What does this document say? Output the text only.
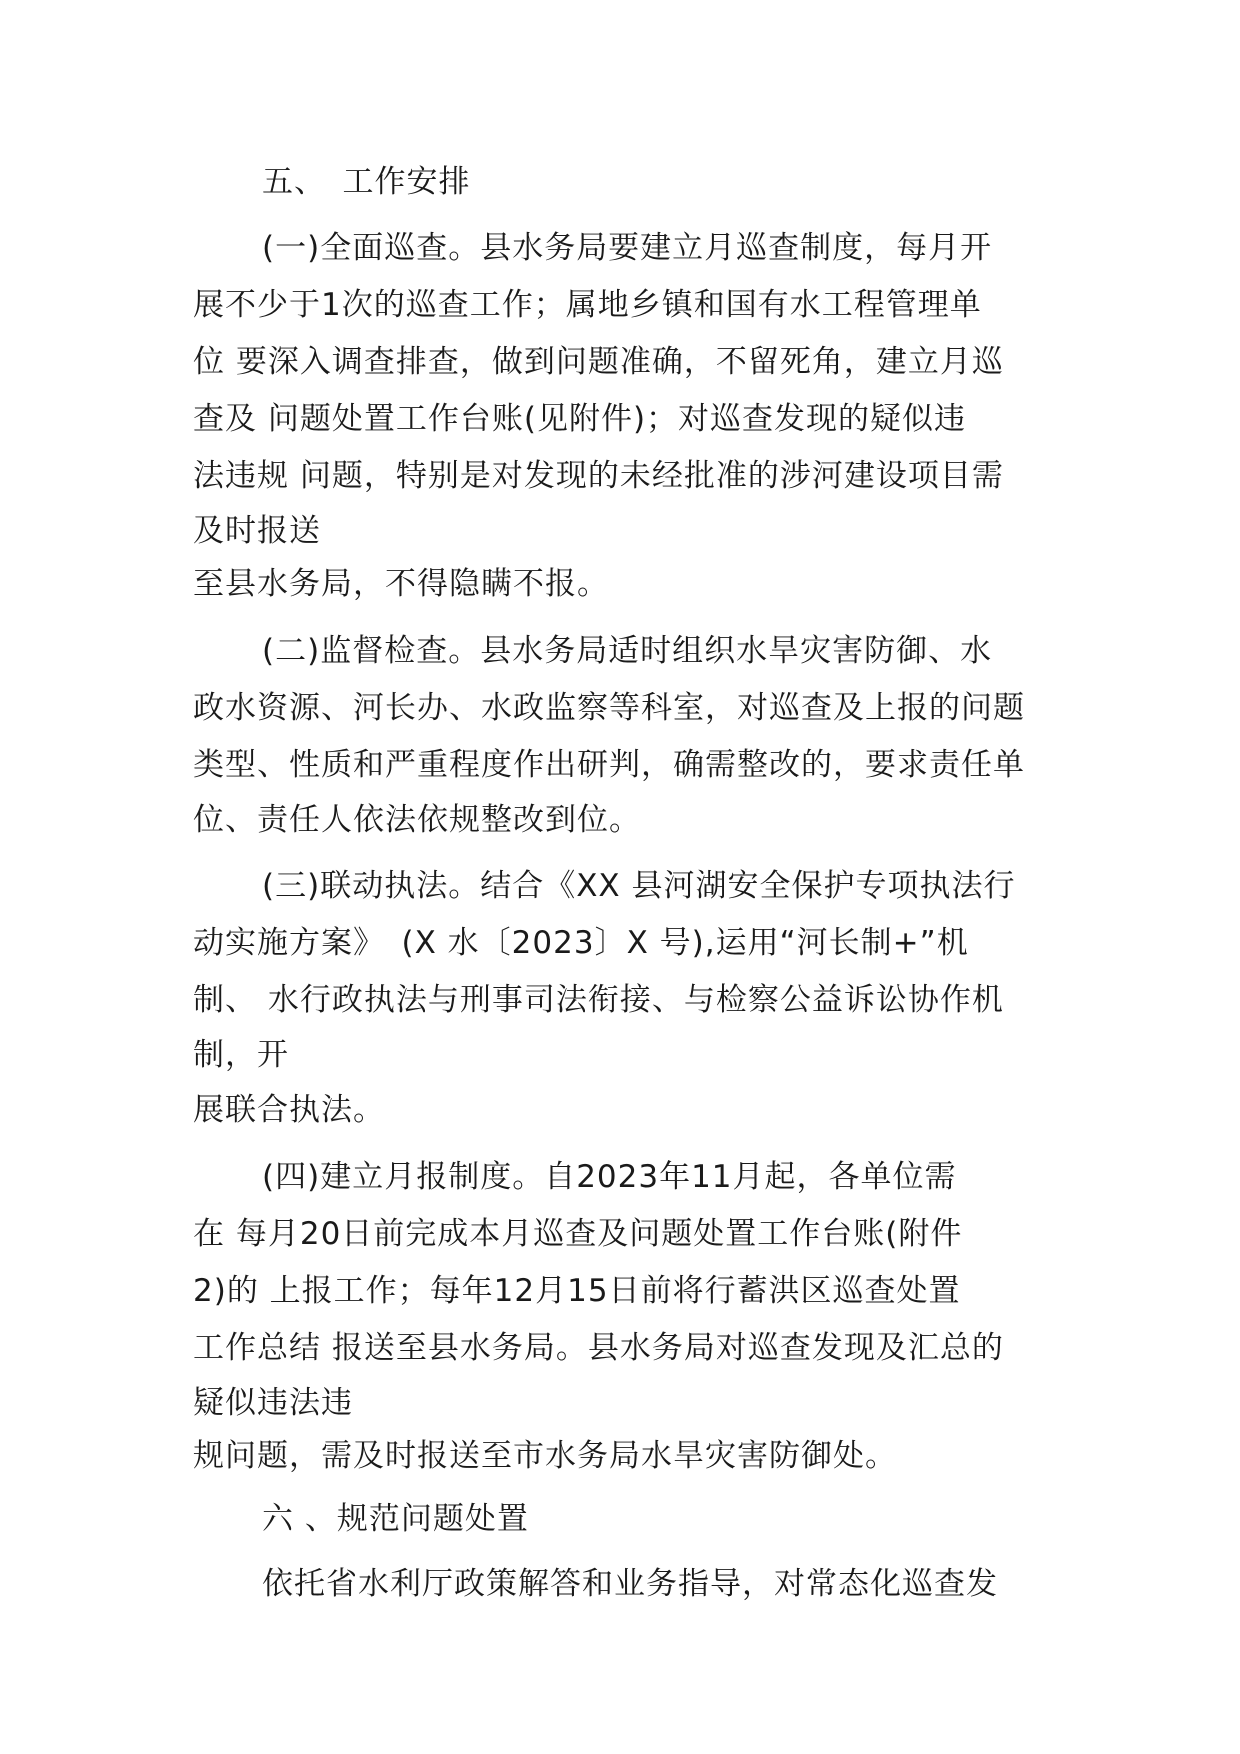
五、　工作安排

(一)全面巡查。县水务局要建立月巡查制度，每月开

展不少于1次的巡查工作；属地乡镇和国有水工程管理单

位 要深入调查排查，做到问题准确，不留死角，建立月巡

查及 问题处置工作台账(见附件)；对巡查发现的疑似违

法违规 问题，特别是对发现的未经批准的涉河建设项目需

及时报送

至县水务局，不得隐瞒不报。

(二)监督检查。县水务局适时组织水旱灾害防御、水

政水资源、河长办、水政监察等科室，对巡查及上报的问题

类型、性质和严重程度作出研判，确需整改的，要求责任单

位、责任人依法依规整改到位。

(三)联动执法。结合《XX 县河湖安全保护专项执法行

动实施方案》　(X 水〔2023〕X 号),运用“河长制+”机

制、 水行政执法与刑事司法衔接、与检察公益诉讼协作机

制，开

展联合执法。

(四)建立月报制度。自2023年11月起，各单位需

在 每月20日前完成本月巡查及问题处置工作台账(附件

2)的 上报工作；每年12月15日前将行蓄洪区巡查处置

工作总结 报送至县水务局。县水务局对巡查发现及汇总的

疑似违法违

规问题，需及时报送至市水务局水旱灾害防御处。

六 、规范问题处置

依托省水利厅政策解答和业务指导，对常态化巡查发
